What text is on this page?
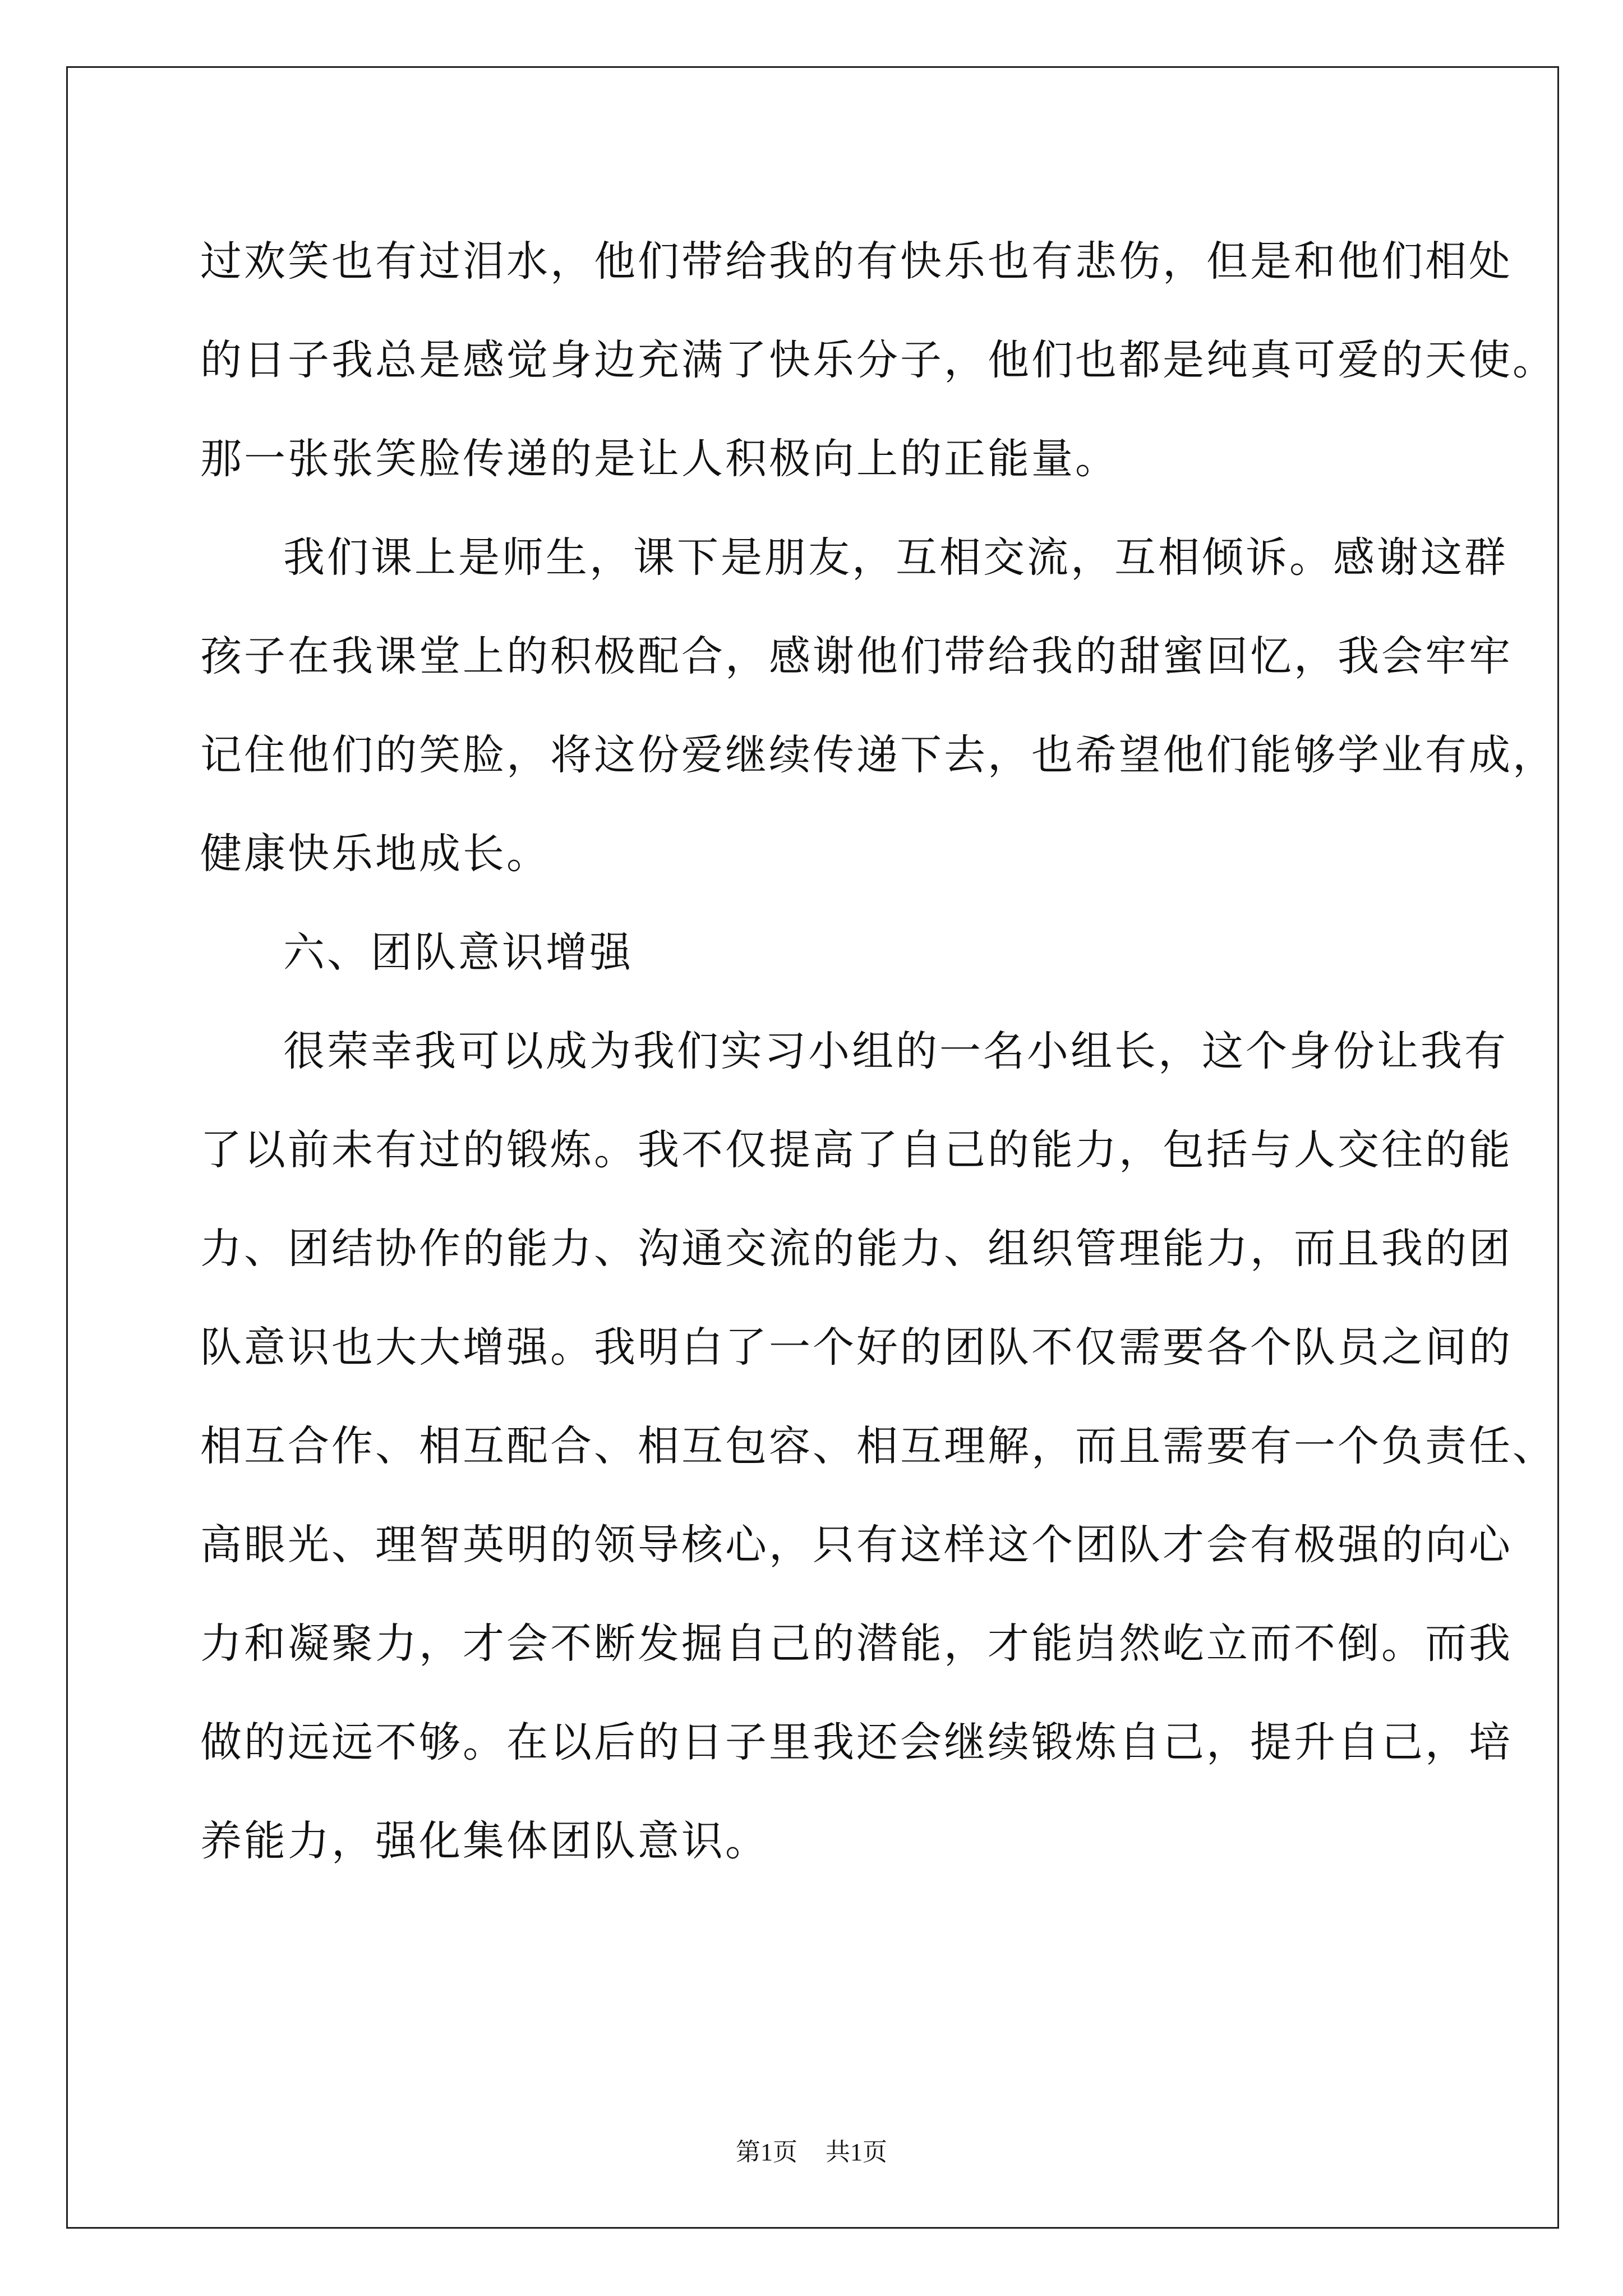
过欢笑也有过泪水，他们带给我的有快乐也有悲伤，但是和他们相处
的日子我总是感觉身边充满了快乐分子，他们也都是纯真可爱的天使。
那一张张笑脸传递的是让人积极向上的正能量。
我们课上是师生，课下是朋友，互相交流，互相倾诉。感谢这群
孩子在我课堂上的积极配合，感谢他们带给我的甜蜜回忆，我会牢牢
记住他们的笑脸，将这份爱继续传递下去，也希望他们能够学业有成，
健康快乐地成长。
六、团队意识增强
很荣幸我可以成为我们实习小组的一名小组长，这个身份让我有
了以前未有过的锻炼。我不仅提高了自己的能力，包括与人交往的能
力、团结协作的能力、沟通交流的能力、组织管理能力，而且我的团
队意识也大大增强。我明白了一个好的团队不仅需要各个队员之间的
相互合作、相互配合、相互包容、相互理解，而且需要有一个负责任、
高眼光、理智英明的领导核心，只有这样这个团队才会有极强的向心
力和凝聚力，才会不断发掘自己的潜能，才能岿然屹立而不倒。而我
做的远远不够。在以后的日子里我还会继续锻炼自己，提升自己，培
养能力，强化集体团队意识。
第1页 共1页
